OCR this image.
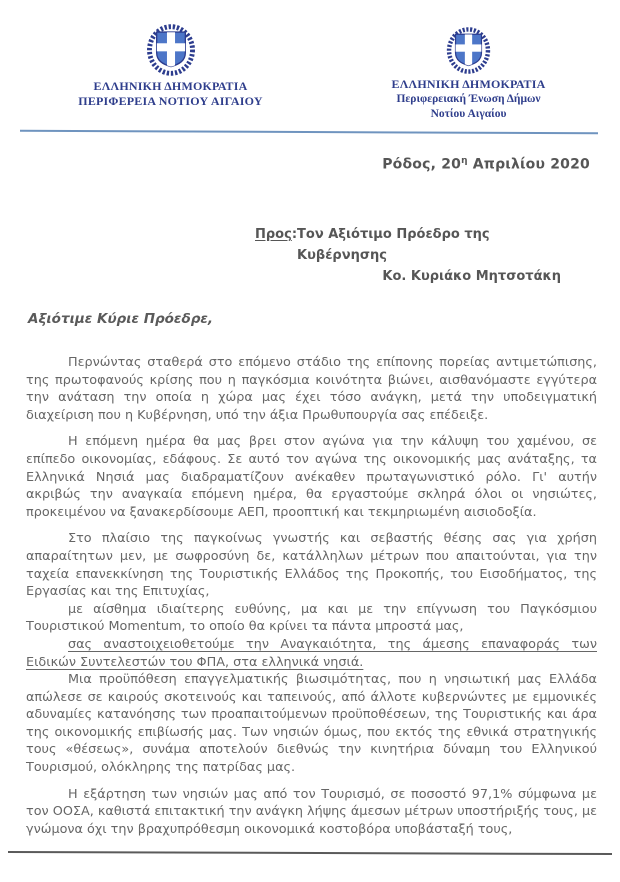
ΕΛΛΗΝΙΚΗ ΔΗΜΟΚΡΑΤΙΑ
ΠΕΡΙΦΕΡΕΙΑ ΝΟΤΙΟΥ ΑΙΓΑΙΟΥ
ΕΛΛΗΝΙΚΗ ΔΗΜΟΚΡΑΤΙΑ
Περιφερειακή Ένωση Δήμων
Νοτίου Αιγαίου
Ρόδος, $20^\eta$ Απριλίου 2020
Προς: Τον Αξιότιμο Πρόεδρο της Κυβέρνησης
Κο. Κυριάκο Μητσοτάκη
Αξιότιμε Κύριε Πρόεδρε,

Περνώντας σταθερά στο επόμενο στάδιο της επίπονης πορείας αντιμετώπισης, της πρωτοφανούς κρίσης που η παγκόσμια κοινότητα βιώνει, αισθανόμαστε εγγύτερα την ανάταση την οποία η χώρα μας έχει τόσο ανάγκη, μετά την υποδειγματική διαχείριση που η Κυβέρνηση, υπό την άξια Πρωθυπουργία σας επέδειξε.

Η επόμενη ημέρα θα μας βρει στον αγώνα για την κάλυψη του χαμένου, σε επίπεδο οικονομίας, εδάφους. Σε αυτό τον αγώνα της οικονομικής μας ανάταξης, τα Ελληνικά Νησιά μας διαδραματίζουν ανέκαθεν πρωταγωνιστικό ρόλο. Γι' αυτήν ακριβώς την αναγκαία επόμενη ημέρα, θα εργαστούμε σκληρά όλοι οι νησιώτες, προκειμένου να ξανακερδίσουμε ΑΕΠ, προοπτική και τεκμηριωμένη αισιοδοξία.

Στο πλαίσιο της παγκοίνως γνωστής και σεβαστής θέσης σας για χρήση απαραίτητων μεν, με σωφροσύνη δε, κατάλληλων μέτρων που απαιτούνται, για την ταχεία επανεκκίνηση της Τουριστικής Ελλάδος της Προκοπής, του Εισοδήματος, της Εργασίας και της Επιτυχίας,

με αίσθημα ιδιαίτερης ευθύνης, μα και με την επίγνωση του Παγκόσμιου Τουριστικού Momentum, το οποίο θα κρίνει τα πάντα μπροστά μας,

σας αναστοιχειοθετούμε την Αναγκαιότητα, της άμεσης επαναφοράς των Ειδικών Συντελεστών του ΦΠΑ, στα ελληνικά νησιά.

Μια προϋπόθεση επαγγελματικής βιωσιμότητας, που η νησιωτική μας Ελλάδα απώλεσε σε καιρούς σκοτεινούς και ταπεινούς, από άλλοτε κυβερνώντες με εμμονικές αδυναμίες κατανόησης των προαπαιτούμενων προϋποθέσεων, της Τουριστικής και άρα της οικονομικής επιβίωσής μας. Των νησιών όμως, που εκτός της εθνικά στρατηγικής τους «θέσεως», συνάμα αποτελούν διεθνώς την κινητήρια δύναμη του Ελληνικού Τουρισμού, ολόκληρης της πατρίδας μας.

Η εξάρτηση των νησιών μας από τον Τουρισμό, σε ποσοστό 97,1% σύμφωνα με τον ΟΟΣΑ, καθιστά επιτακτική την ανάγκη λήψης άμεσων μέτρων υποστήριξής τους, με γνώμονα όχι την βραχυπρόθεσμη οικονομικά κοστοβόρα υποβάσταξή τους,
